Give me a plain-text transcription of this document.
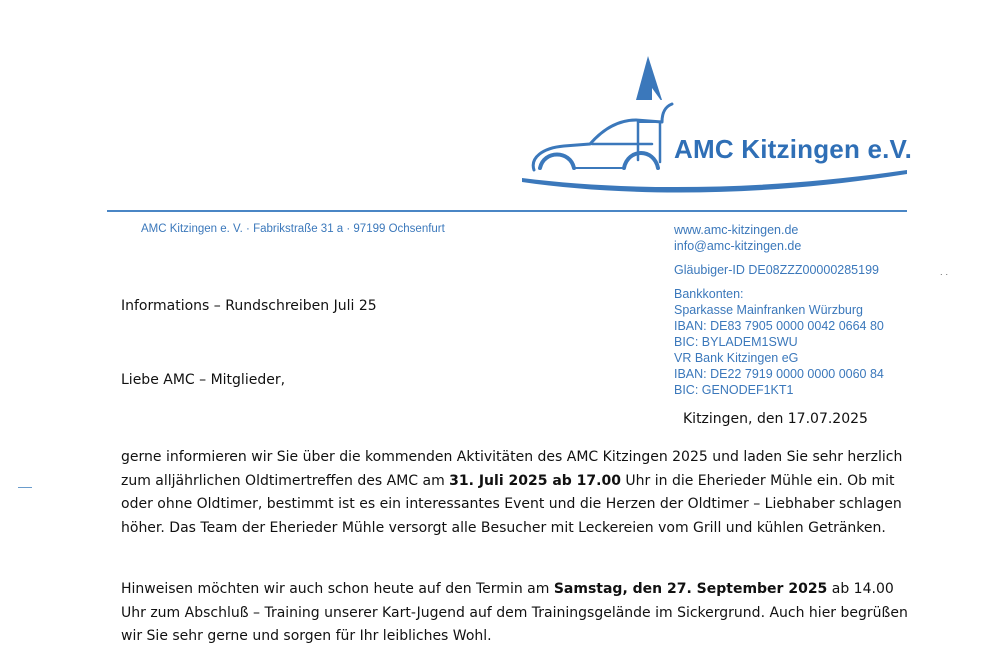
AMC Kitzingen e.V.
AMC Kitzingen e. V. · Fabrikstraße 31 a · 97199 Ochsenfurt	www.amc-kitzingen.de
info@amc-kitzingen.de
Gläubiger-ID DE08ZZZ00000285199
Bankkonten:
Sparkasse Mainfranken Würzburg
IBAN: DE83 7905 0000 0042 0664 80
BIC: BYLADEM1SWU
VR Bank Kitzingen eG
IBAN: DE22 7919 0000 0000 0060 84
BIC: GENODEF1KT1
..
Informations – Rundschreiben Juli 25
Liebe AMC – Mitglieder,
Kitzingen, den 17.07.2025
gerne informieren wir Sie über die kommenden Aktivitäten des AMC Kitzingen 2025 und laden Sie sehr herzlich zum alljährlichen Oldtimertreffen des AMC am 31. Juli 2025 ab 17.00 Uhr in die Eherieder Mühle ein. Ob mit oder ohne Oldtimer, bestimmt ist es ein interessantes Event und die Herzen der Oldtimer – Liebhaber schlagen höher. Das Team der Eherieder Mühle versorgt alle Besucher mit Leckereien vom Grill und kühlen Getränken.
Hinweisen möchten wir auch schon heute auf den Termin am Samstag, den 27. September 2025 ab 14.00 Uhr zum Abschluß – Training unserer Kart-Jugend auf dem Trainingsgelände im Sickergrund. Auch hier begrüßen wir Sie sehr gerne und sorgen für Ihr leibliches Wohl.
